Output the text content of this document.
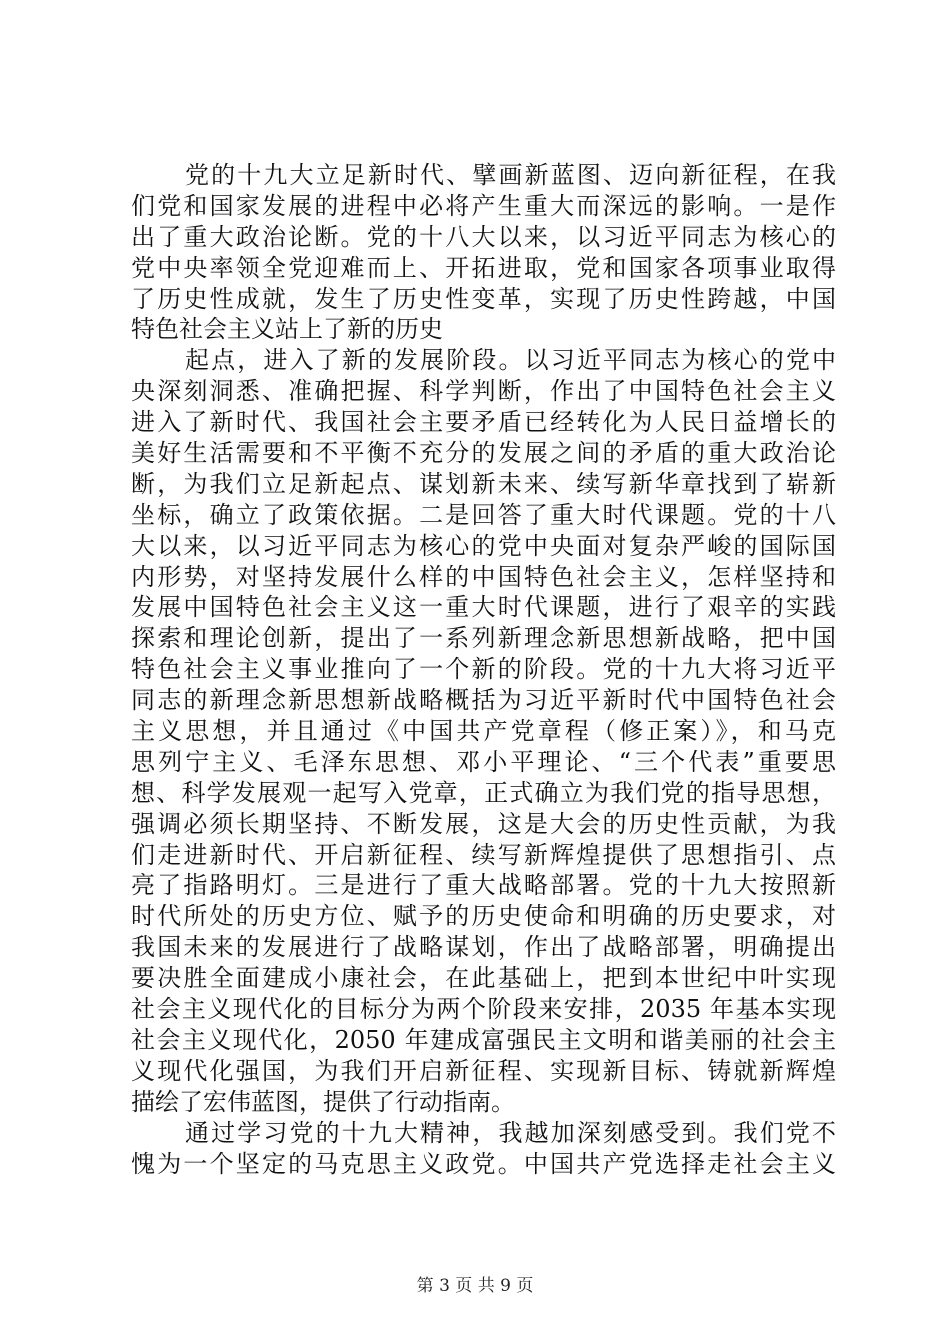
党的十九大立足新时代、擘画新蓝图、迈向新征程，在我
们党和国家发展的进程中必将产生重大而深远的影响。一是作
出了重大政治论断。党的十八大以来，以习近平同志为核心的
党中央率领全党迎难而上、开拓进取，党和国家各项事业取得
了历史性成就，发生了历史性变革，实现了历史性跨越，中国
特色社会主义站上了新的历史
起点，进入了新的发展阶段。以习近平同志为核心的党中
央深刻洞悉、准确把握、科学判断，作出了中国特色社会主义
进入了新时代、我国社会主要矛盾已经转化为人民日益增长的
美好生活需要和不平衡不充分的发展之间的矛盾的重大政治论
断，为我们立足新起点、谋划新未来、续写新华章找到了崭新
坐标，确立了政策依据。二是回答了重大时代课题。党的十八
大以来，以习近平同志为核心的党中央面对复杂严峻的国际国
内形势，对坚持发展什么样的中国特色社会主义，怎样坚持和
发展中国特色社会主义这一重大时代课题，进行了艰辛的实践
探索和理论创新，提出了一系列新理念新思想新战略，把中国
特色社会主义事业推向了一个新的阶段。党的十九大将习近平
同志的新理念新思想新战略概括为习近平新时代中国特色社会
主义思想，并且通过《中国共产党章程（修正案）》，和马克
思列宁主义、毛泽东思想、邓小平理论、“三个代表”重要思
想、科学发展观一起写入党章，正式确立为我们党的指导思想，
强调必须长期坚持、不断发展，这是大会的历史性贡献，为我
们走进新时代、开启新征程、续写新辉煌提供了思想指引、点
亮了指路明灯。三是进行了重大战略部署。党的十九大按照新
时代所处的历史方位、赋予的历史使命和明确的历史要求，对
我国未来的发展进行了战略谋划，作出了战略部署，明确提出
要决胜全面建成小康社会，在此基础上，把到本世纪中叶实现
社会主义现代化的目标分为两个阶段来安排，2035 年基本实现
社会主义现代化，2050 年建成富强民主文明和谐美丽的社会主
义现代化强国，为我们开启新征程、实现新目标、铸就新辉煌
描绘了宏伟蓝图，提供了行动指南。
通过学习党的十九大精神，我越加深刻感受到。我们党不
愧为一个坚定的马克思主义政党。中国共产党选择走社会主义
第 3 页 共 9 页
